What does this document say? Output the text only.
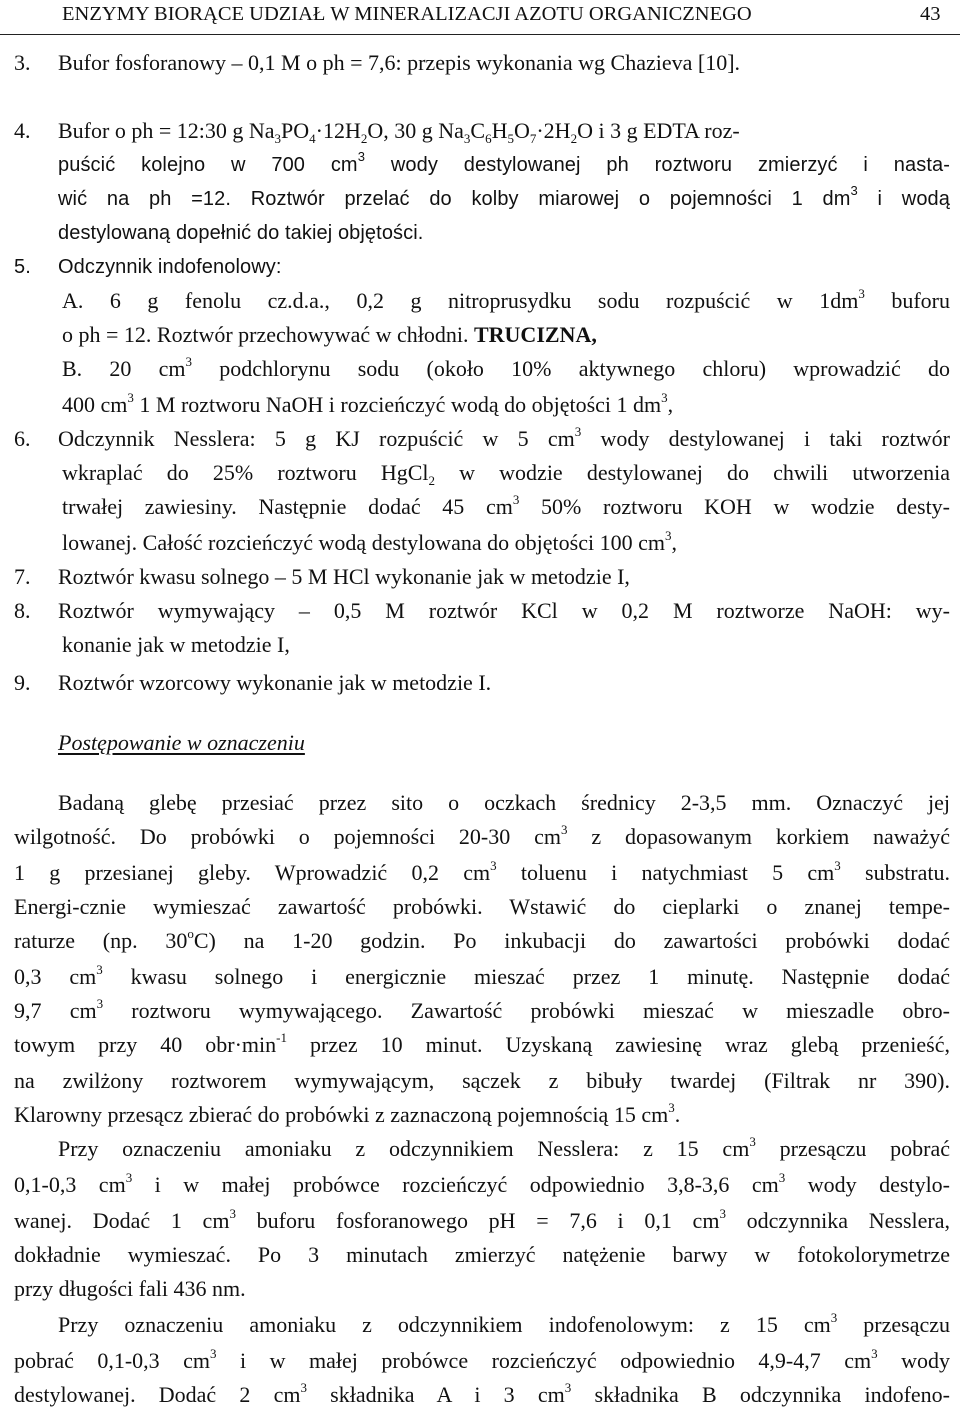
ENZYMY BIORĄCE UDZIAŁ W MINERALIZACJI AZOTU ORGANICZNEGO	43
3. Bufor fosforanowy – 0,1 M o ph = 7,6: przepis wykonania wg Chazieva [10].
4. Bufor o ph = 12:30 g $Na_3PO_4\cdot 12H_2O$, 30 g $Na_3C_6H_5O_7\cdot 2H_2O$ i 3 g EDTA roz-
puścić kolejno w 700 $cm^3$ wody destylowanej ph roztworu zmierzyć i nasta-
wić na ph =12. Roztwór przelać do kolby miarowej o pojemności 1 $dm^3$ i wodą
destylowaną dopełnić do takiej objętości.
5. Odczynnik indofenolowy:
A. 6 g fenolu cz.d.a., 0,2 g nitroprusydku sodu rozpuścić w $1dm^3$ buforu
o ph = 12. Roztwór przechowywać w chłodni. TRUCIZNA,
B. 20 $cm^3$ podchlorynu sodu (około 10% aktywnego chloru) wprowadzić do
400 $cm^3$ 1 M roztworu NaOH i rozcieńczyć wodą do objętości 1 $dm^3$,
6. Odczynnik Nesslera: 5 g KJ rozpuścić w 5 $cm^3$ wody destylowanej i taki roztwór
wkraplać do 25% roztworu HgCl$_2$ w wodzie destylowanej do chwili utworzenia
trwałej zawiesiny. Następnie dodać 45 $cm^3$ 50% roztworu KOH w wodzie desty-
lowanej. Całość rozcieńczyć wodą destylowana do objętości 100 $cm^3$,
7. Roztwór kwasu solnego – 5 M HCl wykonanie jak w metodzie I,
8. Roztwór wymywający – 0,5 M roztwór KCl w 0,2 M roztworze NaOH: wy-
konanie jak w metodzie I,
9. Roztwór wzorcowy wykonanie jak w metodzie I.
Postępowanie w oznaczeniu
Badaną glebę przesiać przez sito o oczkach średnicy 2-3,5 mm. Oznaczyć jej
wilgotność. Do probówki o pojemności 20-30 $cm^3$ z dopasowanym korkiem naważyć
1 g przesianej gleby. Wprowadzić 0,2 $cm^3$ toluenu i natychmiast 5 $cm^3$ substratu.
Energi-cznie wymieszać zawartość probówki. Wstawić do cieplarki o znanej tempe-
raturze (np. 30$^o$C) na 1-20 godzin. Po inkubacji do zawartości probówki dodać
0,3 $cm^3$ kwasu solnego i energicznie mieszać przez 1 minutę. Następnie dodać
9,7 $cm^3$ roztworu wymywającego. Zawartość probówki mieszać w mieszadle obro-
towym przy 40 $obr\cdot\min^{-1}$ przez 10 minut. Uzyskaną zawiesinę wraz glebą przenieść,
na zwilżony roztworem wymywającym, sączek z bibuły twardej (Filtrak nr 390).
Klarowny przesącz zbierać do probówki z zaznaczoną pojemnością 15 $cm^3$.
Przy oznaczeniu amoniaku z odczynnikiem Nesslera: z 15 $cm^3$ przesączu pobrać
0,1-0,3 $cm^3$ i w małej probówce rozcieńczyć odpowiednio 3,8-3,6 $cm^3$ wody destylo-
wanej. Dodać 1 $cm^3$ buforu fosforanowego pH = 7,6 i 0,1 $cm^3$ odczynnika Nesslera,
dokładnie wymieszać. Po 3 minutach zmierzyć natężenie barwy w fotokolorymetrze
przy długości fali 436 nm.
Przy oznaczeniu amoniaku z odczynnikiem indofenolowym: z 15 $cm^3$ przesączu
pobrać 0,1-0,3 $cm^3$ i w małej probówce rozcieńczyć odpowiednio 4,9-4,7 $cm^3$ wody
destylowanej. Dodać 2 $cm^3$ składnika A i 3 $cm^3$ składnika B odczynnika indofeno-
